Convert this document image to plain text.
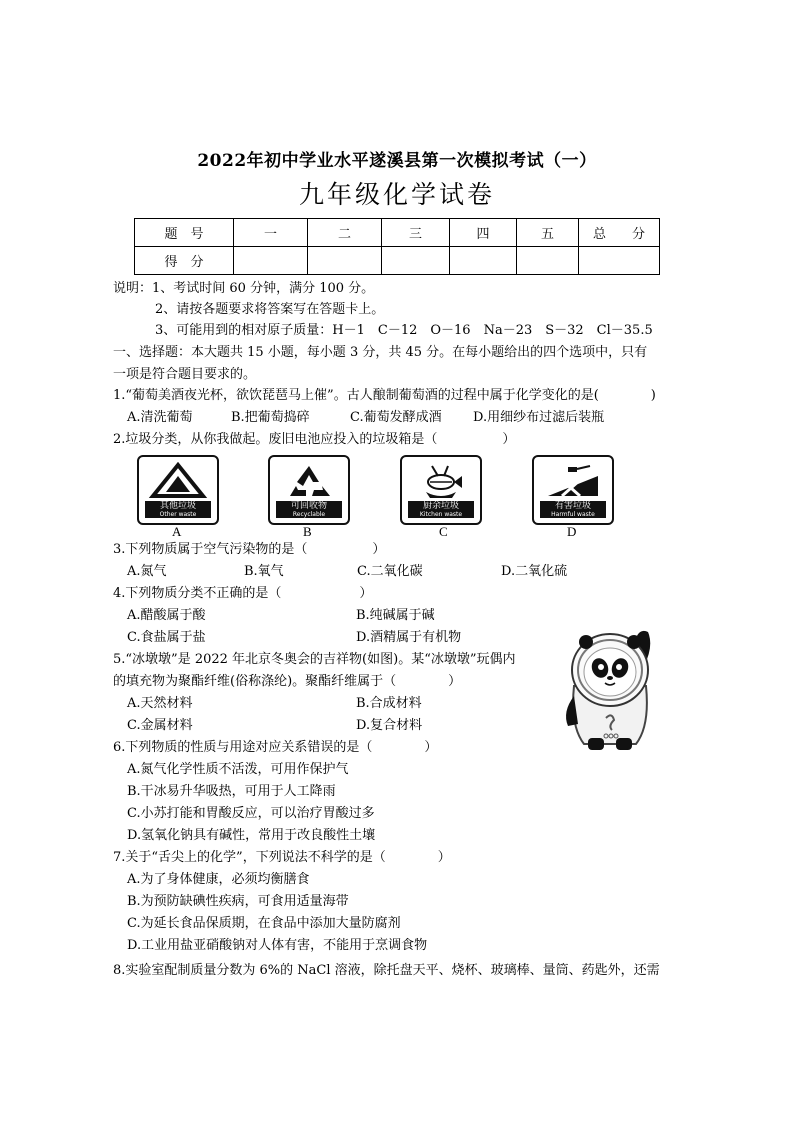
2022年初中学业水平遂溪县第一次模拟考试（一）
九年级化学试卷
题　号	一	二	三	四	五	总　　分
得　分						
说明：1、考试时间 60 分钟，满分 100 分。
2、请按各题要求将答案写在答题卡上。
3、可能用到的相对原子质量：H－1　C－12　O－16　Na－23　S－32　Cl－35.5
一、选择题：本大题共 15 小题，每小题 3 分，共 45 分。在每小题给出的四个选项中，只有
一项是符合题目要求的。
1.“葡萄美酒夜光杯，欲饮琵琶马上催”。古人酿制葡萄酒的过程中属于化学变化的是(　　　　)
A.清洗葡萄	B.把葡萄捣碎	C.葡萄发酵成酒 D.用细纱布过滤后装瓶
2.垃圾分类，从你我做起。废旧电池应投入的垃圾箱是（　　　　　）
其他垃圾
Other waste
可回收物
Recyclable
厨余垃圾
Kitchen waste
有害垃圾
Harmful waste
A	B	C	D
3.下列物质属于空气污染物的是（　　　　　）
A.氮气	B.氧气	C.二氧化碳	D.二氧化硫
4.下列物质分类不正确的是（　　　　　　）
A.醋酸属于酸	B.纯碱属于碱
C.食盐属于盐	D.酒精属于有机物
5.“冰墩墩”是 2022 年北京冬奥会的吉祥物(如图)。某“冰墩墩”玩偶内
的填充物为聚酯纤维(俗称涤纶)。聚酯纤维属于（　　　　）
A.天然材料	B.合成材料
C.金属材料	D.复合材料
6.下列物质的性质与用途对应关系错误的是（　　　　）
A.氮气化学性质不活泼，可用作保护气
B.干冰易升华吸热，可用于人工降雨
C.小苏打能和胃酸反应，可以治疗胃酸过多
D.氢氧化钠具有碱性，常用于改良酸性土壤
7.关于“舌尖上的化学”，下列说法不科学的是（　　　　）
A.为了身体健康，必须均衡膳食
B.为预防缺碘性疾病，可食用适量海带
C.为延长食品保质期，在食品中添加大量防腐剂
D.工业用盐亚硝酸钠对人体有害，不能用于烹调食物
8.实验室配制质量分数为 6%的 NaCl 溶液，除托盘天平、烧杯、玻璃棒、量筒、药匙外，还需
